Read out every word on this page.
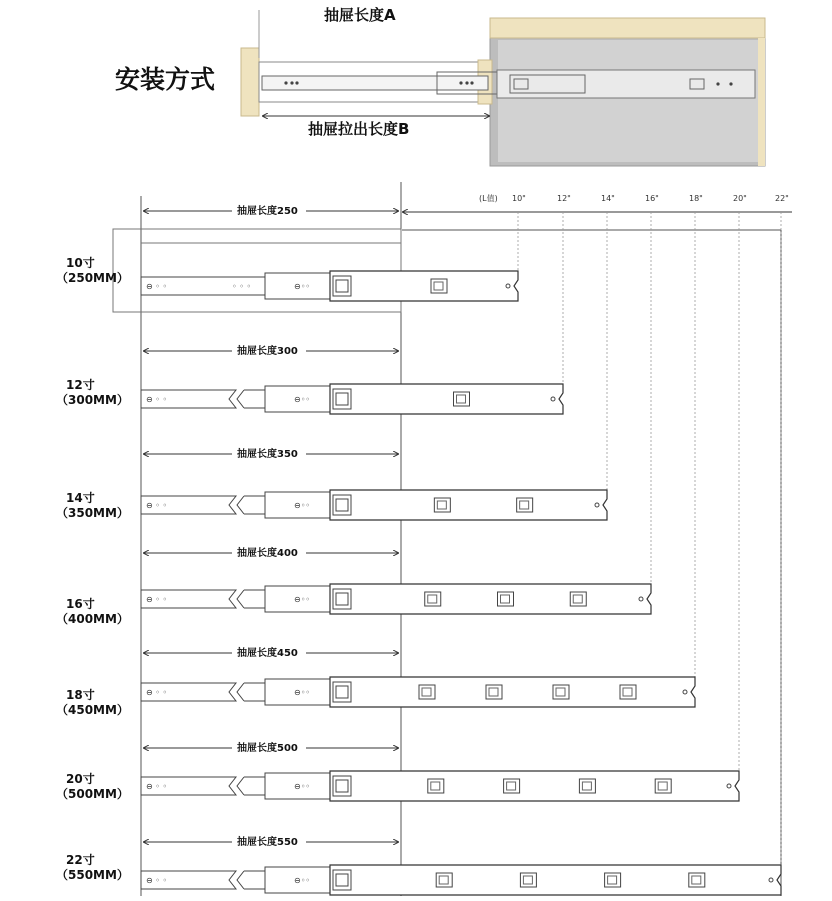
安装方式
抽屉长度A
抽屉拉出长度B
(L值) 10"	12"	14"	16"	18"	20"	22"
抽屉长度250
10寸
（250MM）
⊖ ◦ ◦	◦ ◦ ◦	⊖◦◦
抽屉长度300
12寸
（300MM） ⊖ ◦ ◦	⊖◦◦
抽屉长度350
14寸
（350MM）
⊖ ◦ ◦	⊖◦◦
抽屉长度400
16寸
（400MM）
⊖ ◦ ◦	⊖◦◦
抽屉长度450
18寸
（450MM）
⊖ ◦ ◦	⊖◦◦
抽屉长度500
20寸
（500MM）
⊖ ◦ ◦	⊖◦◦
抽屉长度550
22寸
（550MM） ⊖ ◦ ◦	⊖◦◦
